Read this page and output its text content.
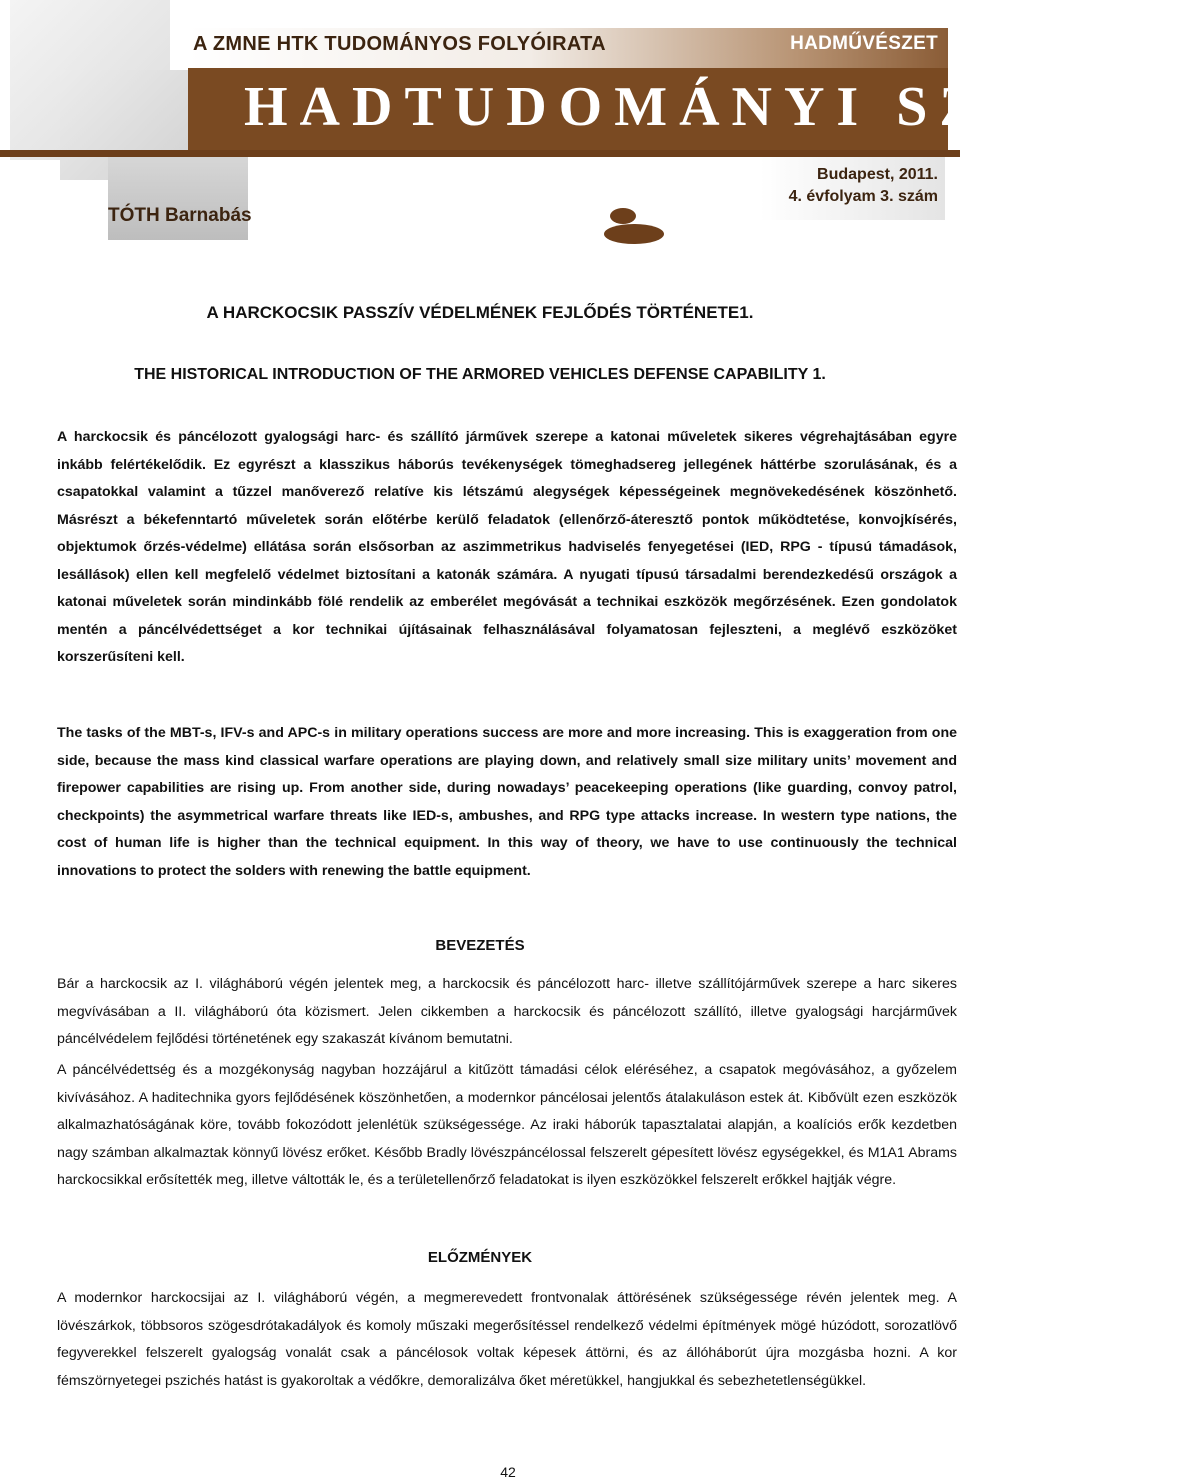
A ZMNE HTK TUDOMÁNYOS FOLYÓIRATA	HADMŰVÉSZET
HADTUDOMÁNYI SZEMLE
Budapest, 2011.
4. évfolyam 3. szám
TÓTH Barnabás
A HARCKOCSIK PASSZÍV VÉDELMÉNEK FEJLŐDÉS TÖRTÉNETE1.
THE HISTORICAL INTRODUCTION OF THE ARMORED VEHICLES DEFENSE CAPABILITY 1.

A harckocsik és páncélozott gyalogsági harc- és szállító járművek szerepe a katonai műveletek sikeres végrehajtásában egyre inkább felértékelődik. Ez egyrészt a klasszikus háborús tevékenységek tömeghadsereg jellegének háttérbe szorulásának, és a csapatokkal valamint a tűzzel manőverező relatíve kis létszámú alegységek képességeinek megnövekedésének köszönhető. Másrészt a békefenntartó műveletek során előtérbe kerülő feladatok (ellenőrző-áteresztő pontok működtetése, konvojkísérés, objektumok őrzés-védelme) ellátása során elsősorban az aszimmetrikus hadviselés fenyegetései (IED, RPG - típusú támadások, lesállások) ellen kell megfelelő védelmet biztosítani a katonák számára. A nyugati típusú társadalmi berendezkedésű országok a katonai műveletek során mindinkább fölé rendelik az emberélet megóvását a technikai eszközök megőrzésének. Ezen gondolatok mentén a páncélvédettséget a kor technikai újításainak felhasználásával folyamatosan fejleszteni, a meglévő eszközöket korszerűsíteni kell.

The tasks of the MBT-s, IFV-s and APC-s in military operations success are more and more increasing. This is exaggeration from one side, because the mass kind classical warfare operations are playing down, and relatively small size military units’ movement and firepower capabilities are rising up. From another side, during nowadays’ peacekeeping operations (like guarding, convoy patrol, checkpoints) the asymmetrical warfare threats like IED-s, ambushes, and RPG type attacks increase. In western type nations, the cost of human life is higher than the technical equipment. In this way of theory, we have to use continuously the technical innovations to protect the solders with renewing the battle equipment.

BEVEZETÉS

Bár a harckocsik az I. világháború végén jelentek meg, a harckocsik és páncélozott harc- illetve szállítójárművek szerepe a harc sikeres megvívásában a II. világháború óta közismert. Jelen cikkemben a harckocsik és páncélozott szállító, illetve gyalogsági harcjárművek páncélvédelem fejlődési történetének egy szakaszát kívánom bemutatni.

A páncélvédettség és a mozgékonyság nagyban hozzájárul a kitűzött támadási célok eléréséhez, a csapatok megóvásához, a győzelem kivívásához. A haditechnika gyors fejlődésének köszönhetően, a modernkor páncélosai jelentős átalakuláson estek át. Kibővült ezen eszközök alkalmazhatóságának köre, tovább fokozódott jelenlétük szükségessége. Az iraki háborúk tapasztalatai alapján, a koalíciós erők kezdetben nagy számban alkalmaztak könnyű lövész erőket. Később Bradly lövészpáncélossal felszerelt gépesített lövész egységekkel, és M1A1 Abrams harckocsikkal erősítették meg, illetve váltották le, és a területellenőrző feladatokat is ilyen eszközökkel felszerelt erőkkel hajtják végre.

ELŐZMÉNYEK

A modernkor harckocsijai az I. világháború végén, a megmerevedett frontvonalak áttörésének szükségessége révén jelentek meg. A lövészárkok, többsoros szögesdrótakadályok és komoly műszaki megerősítéssel rendelkező védelmi építmények mögé húzódott, sorozatlövő fegyverekkel felszerelt gyalogság vonalát csak a páncélosok voltak képesek áttörni, és az állóháborút újra mozgásba hozni. A kor fémszörnyetegei pszichés hatást is gyakoroltak a védőkre, demoralizálva őket méretükkel, hangjukkal és sebezhetetlenségükkel.

42
